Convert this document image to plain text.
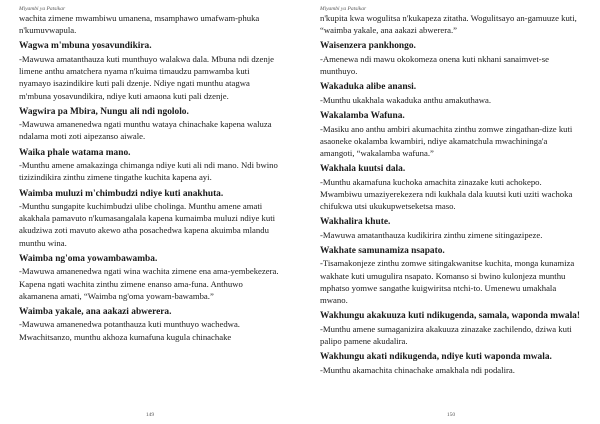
Miyambi ya Patsikar
wachita zimene mwambiwu umanena, msamphawo umafwam-phuka n'kumuvwapula.
Wagwa m'mbuna yosavundikira.
-Mawuwa amatanthauza kuti munthuyo walakwa dala. Mbuna ndi dzenje limene anthu amatchera nyama n'kuima timaudzu pamwamba kuti nyamayo isazindikire kuti pali dzenje. Ndiye ngati munthu atagwa m'mbuna yosavundikira, ndiye kuti amaona kuti pali dzenje.
Wagwira pa Mbira, Nungu ali ndi ngololo.
-Mawuwa amanenedwa ngati munthu wataya chinachake kapena waluza ndalama moti zoti aipezanso aiwale.
Waika phale watama mano.
-Munthu amene amakazinga chimanga ndiye kuti ali ndi mano. Ndi bwino tizizindikira zinthu zimene tingathe kuchita kapena ayi.
Waimba muluzi m'chimbudzi ndiye kuti anakhuta.
-Munthu sungapite kuchimbudzi ulibe cholinga. Munthu amene amati akakhala pamavuto n'kumasangalala kapena kumaimba muluzi ndiye kuti akudziwa zoti mavuto akewo atha posachedwa kapena akuimba mlandu munthu wina.
Waimba ng'oma yowambawamba.
-Mawuwa amanenedwa ngati wina wachita zimene ena ama-yembekezera. Kapena ngati wachita zinthu zimene enanso ama-funa. Anthuwo akamanena amati, “Waimba ng'oma yowam-bawamba.”
Waimba yakale, ana aakazi abwerera.
-Mawuwa amanenedwa potanthauza kuti munthuyo wachedwa. Mwachitsanzo, munthu akhoza kumafuna kugula chinachake
149
Miyambi ya Patsikar
n'kupita kwa wogulitsa n'kukapeza zitatha. Wogulitsayo an-gamuuze kuti, “waimba yakale, ana aakazi abwerera.”
Waisenzera pankhongo.
-Amenewa ndi mawu okokomeza onena kuti nkhani sanaimvet-se munthuyo.
Wakaduka alibe anansi.
-Munthu ukakhala wakaduka anthu amakuthawa.
Wakalamba Wafuna.
-Masiku ano anthu ambiri akumachita zinthu zomwe zingathan-dize kuti asaoneke okalamba kwambiri, ndiye akamatchula mwachininga'a amangoti, “wakalamba wafuna.”
Wakhala kuutsi dala.
-Munthu akamafuna kuchoka amachita zinazake kuti achokepo. Mwambiwu umaziyerekezera ndi kukhala dala kuutsi kuti uziti wachoka chifukwa utsi ukukupwetseketsa maso.
Wakhalira khute.
-Mawuwa amatanthauza kudikirira zinthu zimene sitingazipeze.
Wakhate samunamiza nsapato.
-Tisamakonjeze zinthu zomwe sitingakwanitse kuchita, monga kunamiza wakhate kuti umugulira nsapato. Komanso si bwino kulonjeza munthu mphatso yomwe sangathe kuigwiritsa ntchi-to. Umenewu umakhala mwano.
Wakhungu akakuuza kuti ndikugenda, samala, waponda mwala!
-Munthu amene sumaganizira akakuuza zinazake zachilendo, dziwa kuti palipo pamene akudalira.
Wakhungu akati ndikugenda, ndiye kuti waponda mwala.
-Munthu akamachita chinachake amakhala ndi podalira.
150
